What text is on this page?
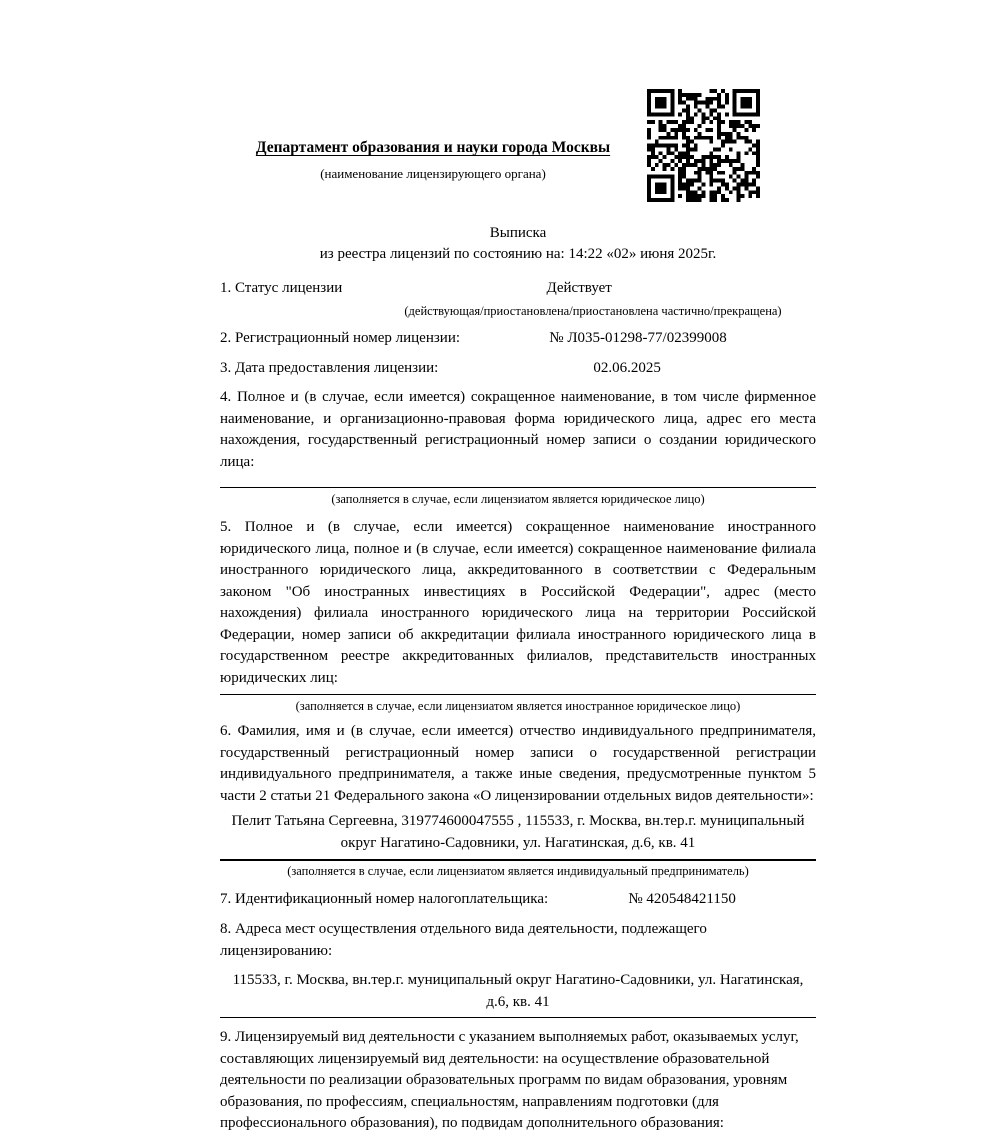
Департамент образования и науки города Москвы
(наименование лицензирующего органа)
Выписка
из реестра лицензий по состоянию на: 14:22 «02» июня 2025г.
1. Статус лицензии	Действует
(действующая/приостановлена/приостановлена частично/прекращена)
2. Регистрационный номер лицензии:	№ Л035-01298-77/02399008
3. Дата предоставления лицензии:	02.06.2025
4. Полное и (в случае, если имеется) сокращенное наименование, в том числе фирменное наименование, и организационно-правовая форма юридического лица, адрес его места нахождения, государственный регистрационный номер записи о создании юридического лица:
(заполняется в случае, если лицензиатом является юридическое лицо)
5. Полное и (в случае, если имеется) сокращенное наименование иностранного юридического лица, полное и (в случае, если имеется) сокращенное наименование филиала иностранного юридического лица, аккредитованного в соответствии с Федеральным законом "Об иностранных инвестициях в Российской Федерации", адрес (место нахождения) филиала иностранного юридического лица на территории Российской Федерации, номер записи об аккредитации филиала иностранного юридического лица в государственном реестре аккредитованных филиалов, представительств иностранных юридических лиц:
(заполняется в случае, если лицензиатом является иностранное юридическое лицо)
6. Фамилия, имя и (в случае, если имеется) отчество индивидуального предпринимателя, государственный регистрационный номер записи о государственной регистрации индивидуального предпринимателя, а также иные сведения, предусмотренные пунктом 5 части 2 статьи 21 Федерального закона «О лицензировании отдельных видов деятельности»:
Пелит Татьяна Сергеевна, 319774600047555 , 115533, г. Москва, вн.тер.г. муниципальный округ Нагатино-Садовники, ул. Нагатинская, д.6, кв. 41
(заполняется в случае, если лицензиатом является индивидуальный предприниматель)
7. Идентификационный номер налогоплательщика:	№ 420548421150
8. Адреса мест осуществления отдельного вида деятельности, подлежащего лицензированию:
115533, г. Москва, вн.тер.г. муниципальный округ Нагатино-Садовники, ул. Нагатинская, д.6, кв. 41
9. Лицензируемый вид деятельности с указанием выполняемых работ, оказываемых услуг, составляющих лицензируемый вид деятельности: на осуществление образовательной деятельности по реализации образовательных программ по видам образования, уровням образования, по профессиям, специальностям, направлениям подготовки (для профессионального образования), по подвидам дополнительного образования:
